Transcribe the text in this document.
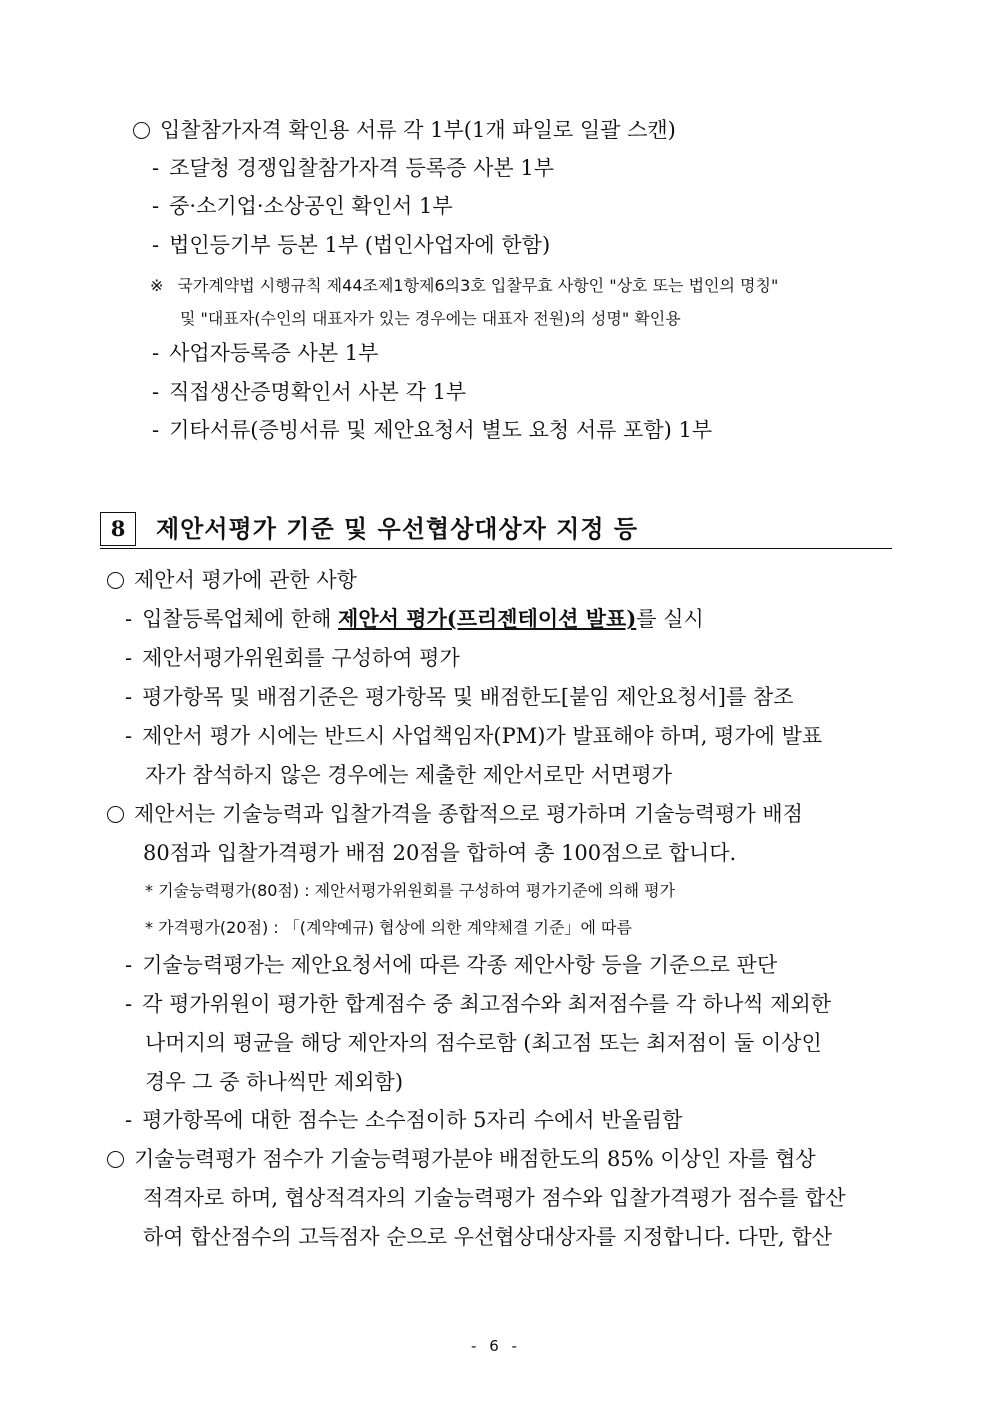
입찰참가자격 확인용 서류 각 1부(1개 파일로 일괄 스캔)
- 조달청 경쟁입찰참가자격 등록증 사본 1부
- 중·소기업·소상공인 확인서 1부
- 법인등기부 등본 1부 (법인사업자에 한함)
※ 국가계약법 시행규칙 제44조제1항제6의3호 입찰무효 사항인 "상호 또는 법인의 명칭"
및 "대표자(수인의 대표자가 있는 경우에는 대표자 전원)의 성명" 확인용
- 사업자등록증 사본 1부
- 직접생산증명확인서 사본 각 1부
- 기타서류(증빙서류 및 제안요청서 별도 요청 서류 포함) 1부
8	제안서평가 기준 및 우선협상대상자 지정 등
제안서 평가에 관한 사항
- 입찰등록업체에 한해 제안서 평가(프리젠테이션 발표)를 실시
- 제안서평가위원회를 구성하여 평가
- 평가항목 및 배점기준은 평가항목 및 배점한도[붙임 제안요청서]를 참조
- 제안서 평가 시에는 반드시 사업책임자(PM)가 발표해야 하며, 평가에 발표
자가 참석하지 않은 경우에는 제출한 제안서로만 서면평가
제안서는 기술능력과 입찰가격을 종합적으로 평가하며 기술능력평가 배점
80점과 입찰가격평가 배점 20점을 합하여 총 100점으로 합니다.
* 기술능력평가(80점) : 제안서평가위원회를 구성하여 평가기준에 의해 평가
* 가격평가(20점) : 「(계약예규) 협상에 의한 계약체결 기준」에 따름
- 기술능력평가는 제안요청서에 따른 각종 제안사항 등을 기준으로 판단
- 각 평가위원이 평가한 합계점수 중 최고점수와 최저점수를 각 하나씩 제외한
나머지의 평균을 해당 제안자의 점수로함 (최고점 또는 최저점이 둘 이상인
경우 그 중 하나씩만 제외함)
- 평가항목에 대한 점수는 소수점이하 5자리 수에서 반올림함
기술능력평가 점수가 기술능력평가분야 배점한도의 85% 이상인 자를 협상
적격자로 하며, 협상적격자의 기술능력평가 점수와 입찰가격평가 점수를 합산
하여 합산점수의 고득점자 순으로 우선협상대상자를 지정합니다. 다만, 합산
- 6 -
